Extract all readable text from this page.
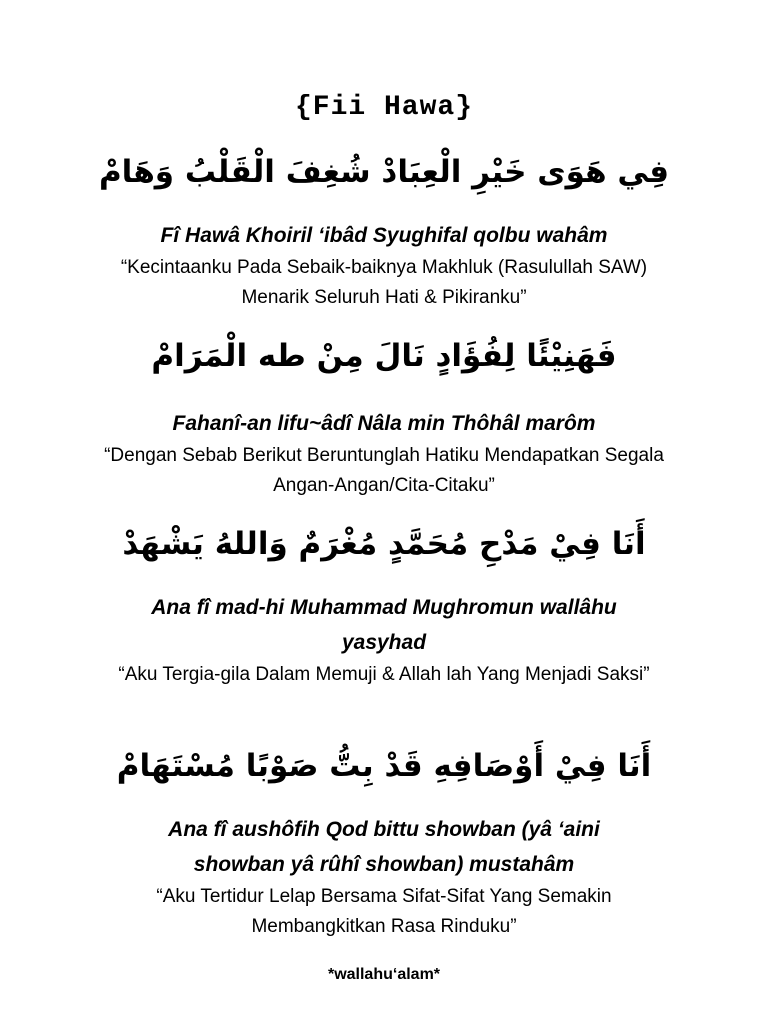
{Fii Hawa}
فِي هَوَى خَيْرِ الْعِبَادْ شُغِفَ الْقَلْبُ وَهَامْ
Fî Hawâ Khoiril ‘ibâd Syughifal qolbu wahâm
“Kecintaanku Pada Sebaik-baiknya Makhluk (Rasulullah SAW) Menarik Seluruh Hati & Pikiranku”
فَهَنِيْئًا لِفُؤَادٍ نَالَ مِنْ طه الْمَرَامْ
Fahanî-an lifu~âdî Nâla min Thôhâl marôm
“Dengan Sebab Berikut Beruntunglah Hatiku Mendapatkan Segala Angan-Angan/Cita-Citaku”
أَنَا فِيْ مَدْحِ مُحَمَّدٍ مُغْرَمٌ وَاللهُ يَشْهَدْ
Ana fî mad-hi Muhammad Mughromun wallâhu yasyhad
“Aku Tergia-gila Dalam Memuji & Allah lah Yang Menjadi Saksi”
أَنَا فِيْ أَوْصَافِهِ قَدْ بِتُّ صَوْبًا مُسْتَهَامْ
Ana fî aushôfih Qod bittu showban (yâ ‘aini showban yâ rûhî showban) mustahâm
“Aku Tertidur Lelap Bersama Sifat-Sifat Yang Semakin Membangkitkan Rasa Rinduku”
*wallahu‘alam*
